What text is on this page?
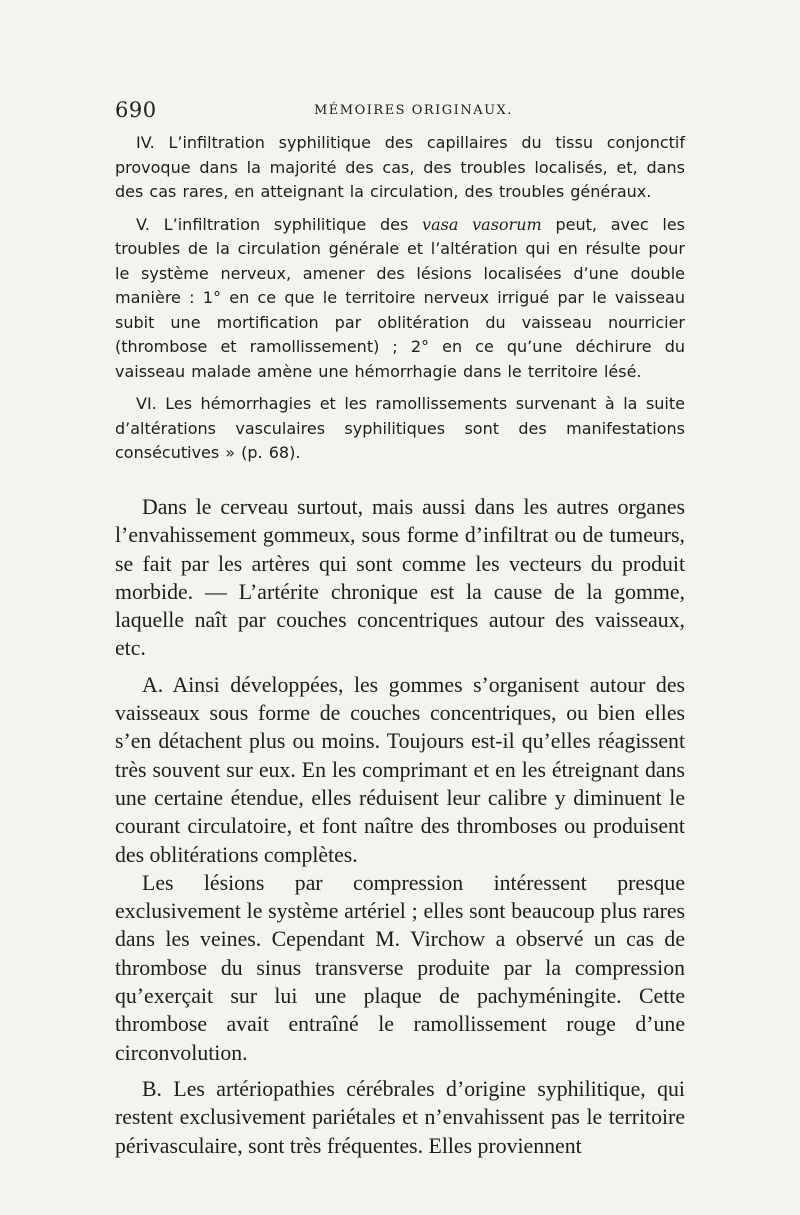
690	MÉMOIRES ORIGINAUX.

IV. L’infiltration syphilitique des capillaires du tissu conjonctif provoque dans la majorité des cas, des troubles localisés, et, dans des cas rares, en atteignant la circulation, des troubles généraux.

V. L’infiltration syphilitique des vasa vasorum peut, avec les troubles de la circulation générale et l’altération qui en résulte pour le système nerveux, amener des lésions localisées d’une double manière : 1° en ce que le territoire nerveux irrigué par le vaisseau subit une mortification par oblitération du vaisseau nourricier (thrombose et ramollissement) ; 2° en ce qu’une déchirure du vaisseau malade amène une hémorrhagie dans le territoire lésé.

VI. Les hémorrhagies et les ramollissements survenant à la suite d’altérations vasculaires syphilitiques sont des manifestations consécutives » (p. 68).

Dans le cerveau surtout, mais aussi dans les autres organes l’envahissement gommeux, sous forme d’infiltrat ou de tumeurs, se fait par les artères qui sont comme les vecteurs du produit morbide. — L’artérite chronique est la cause de la gomme, laquelle naît par couches concentriques autour des vaisseaux, etc.

A. Ainsi développées, les gommes s’organisent autour des vaisseaux sous forme de couches concentriques, ou bien elles s’en détachent plus ou moins. Toujours est-il qu’elles réagissent très souvent sur eux. En les comprimant et en les étreignant dans une certaine étendue, elles réduisent leur calibre y diminuent le courant circulatoire, et font naître des thromboses ou produisent des oblitérations complètes.

Les lésions par compression intéressent presque exclusivement le système artériel ; elles sont beaucoup plus rares dans les veines. Cependant M. Virchow a observé un cas de thrombose du sinus transverse produite par la compression qu’exerçait sur lui une plaque de pachyméningite. Cette thrombose avait entraîné le ramollissement rouge d’une circonvolution.

B. Les artériopathies cérébrales d’origine syphilitique, qui restent exclusivement pariétales et n’envahissent pas le territoire périvasculaire, sont très fréquentes. Elles proviennent
